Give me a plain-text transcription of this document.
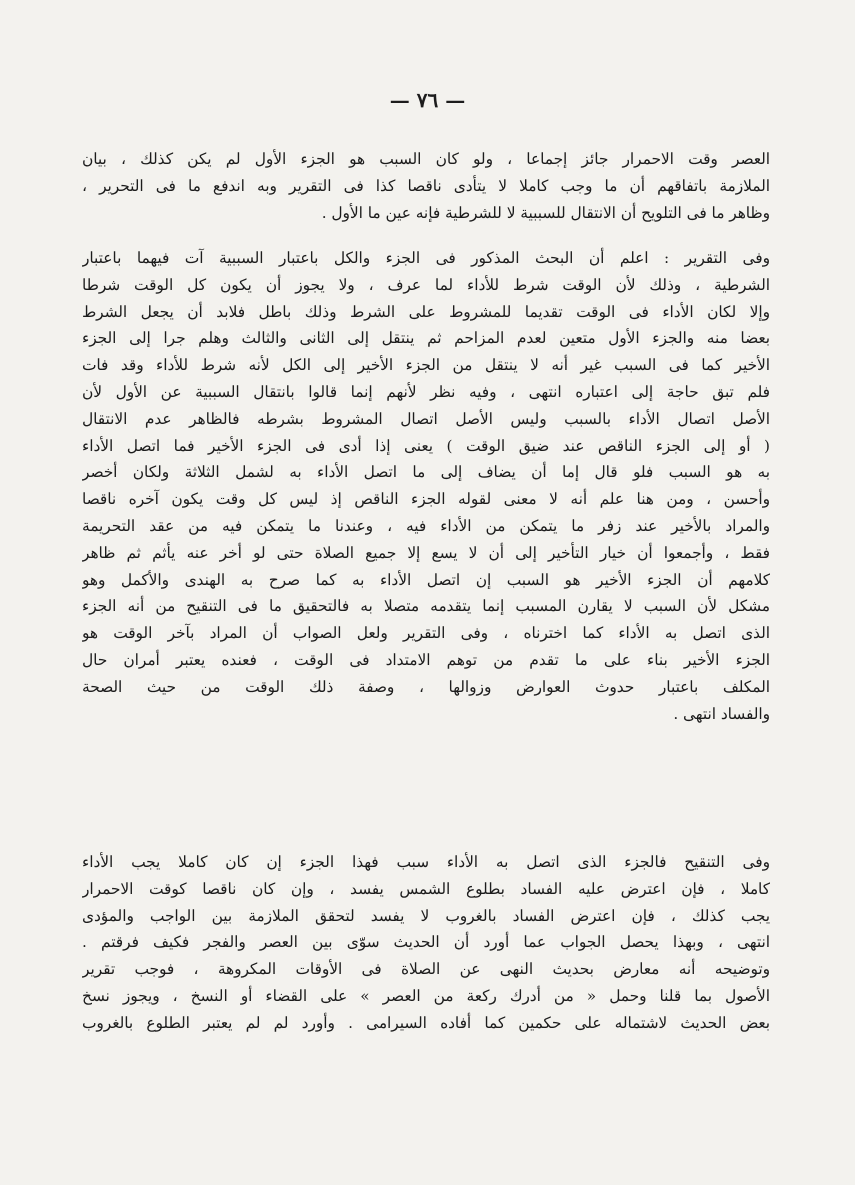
— ٧٦ —
العصر وقت الاحمرار جائز إجماعا ، ولو كان السبب هو الجزء الأول لم يكن كذلك ، بيان
الملازمة باتفاقهم أن ما وجب كاملا لا يتأدى ناقصا كذا فى التقرير وبه اندفع ما فى التحرير ،
وظاهر ما فى التلويح أن الانتقال للسببية لا للشرطية فإنه عين ما الأول .
وفى التقرير : اعلم أن البحث المذكور فى الجزء والكل باعتبار السببية آت فيهما باعتبار
الشرطية ، وذلك لأن الوقت شرط للأداء لما عرف ، ولا يجوز أن يكون كل الوقت شرطا
وإلا لكان الأداء فى الوقت تقديما للمشروط على الشرط وذلك باطل فلابد أن يجعل الشرط
بعضا منه والجزء الأول متعين لعدم المزاحم ثم ينتقل إلى الثانى والثالث وهلم جرا إلى الجزء
الأخير كما فى السبب غير أنه لا ينتقل من الجزء الأخير إلى الكل لأنه شرط للأداء وقد فات
فلم تبق حاجة إلى اعتباره انتهى ، وفيه نظر لأنهم إنما قالوا بانتقال السببية عن الأول لأن
الأصل اتصال الأداء بالسبب وليس الأصل اتصال المشروط بشرطه فالظاهر عدم الانتقال
( أو إلى الجزء الناقص عند ضيق الوقت ) يعنى إذا أدى فى الجزء الأخير فما اتصل الأداء
به هو السبب فلو قال إما أن يضاف إلى ما اتصل الأداء به لشمل الثلاثة ولكان أخصر
وأحسن ، ومن هنا علم أنه لا معنى لقوله الجزء الناقص إذ ليس كل وقت يكون آخره ناقصا
والمراد بالأخير عند زفر ما يتمكن من الأداء فيه ، وعندنا ما يتمكن فيه من عقد التحريمة
فقط ، وأجمعوا أن خيار التأخير إلى أن لا يسع إلا جميع الصلاة حتى لو أخر عنه يأثم ثم ظاهر
كلامهم أن الجزء الأخير هو السبب إن اتصل الأداء به كما صرح به الهندى والأكمل وهو
مشكل لأن السبب لا يقارن المسبب إنما يتقدمه متصلا به فالتحقيق ما فى التنقيح من أنه الجزء
الذى اتصل به الأداء كما اخترناه ، وفى التقرير ولعل الصواب أن المراد بآخر الوقت هو
الجزء الأخير بناء على ما تقدم من توهم الامتداد فى الوقت ، فعنده يعتبر أمران حال
المكلف باعتبار حدوث العوارض وزوالها ، وصفة ذلك الوقت من حيث الصحة
والفساد انتهى .
وفى التنقيح فالجزء الذى اتصل به الأداء سبب فهذا الجزء إن كان كاملا يجب الأداء
كاملا ، فإن اعترض عليه الفساد بطلوع الشمس يفسد ، وإن كان ناقصا كوقت الاحمرار
يجب كذلك ، فإن اعترض الفساد بالغروب لا يفسد لتحقق الملازمة بين الواجب والمؤدى
انتهى ، وبهذا يحصل الجواب عما أورد أن الحديث سوّى بين العصر والفجر فكيف فرقتم .
وتوضيحه أنه معارض بحديث النهى عن الصلاة فى الأوقات المكروهة ، فوجب تقرير
الأصول بما قلنا وحمل « من أدرك ركعة من العصر » على القضاء أو النسخ ، ويجوز نسخ
بعض الحديث لاشتماله على حكمين كما أفاده السيرامى . وأورد لم لم يعتبر الطلوع بالغروب
